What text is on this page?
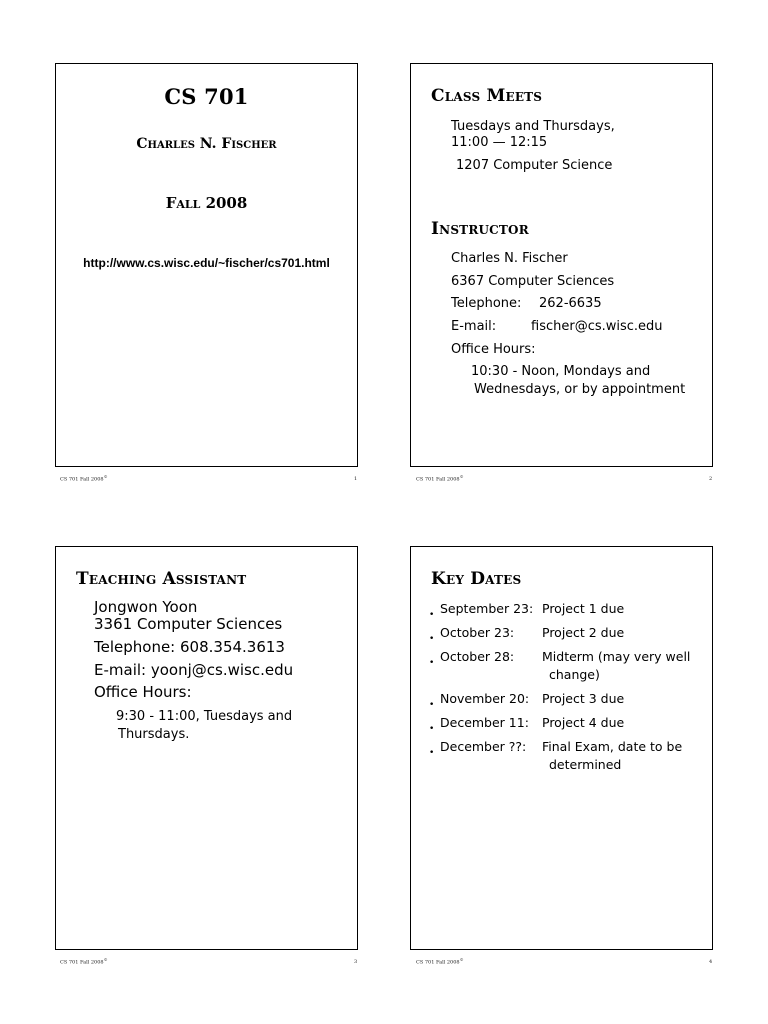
CS 701
Charles N. Fischer
Fall 2008
http://www.cs.wisc.edu/~fischer/cs701.html
CS 701 Fall 2008©	1
Class Meets
Tuesdays and Thursdays,
11:00 — 12:15
1207 Computer Science
Instructor
Charles N. Fischer
6367 Computer Sciences
Telephone: 262-6635
E-mail:	fischer@cs.wisc.edu
Office Hours:
10:30 - Noon, Mondays and
Wednesdays, or by appointment
CS 701 Fall 2008©	2
Teaching Assistant
Jongwon Yoon
3361 Computer Sciences
Telephone: 608.354.3613
E-mail: yoonj@cs.wisc.edu
Office Hours:
9:30 - 11:00, Tuesdays and
Thursdays.
CS 701 Fall 2008©	3
Key Dates
• September 23: Project 1 due
• October 23: Project 2 due
• October 28: Midterm (may very well
change)
• November 20: Project 3 due
• December 11: Project 4 due
• December ??: Final Exam, date to be
determined
CS 701 Fall 2008©	4
